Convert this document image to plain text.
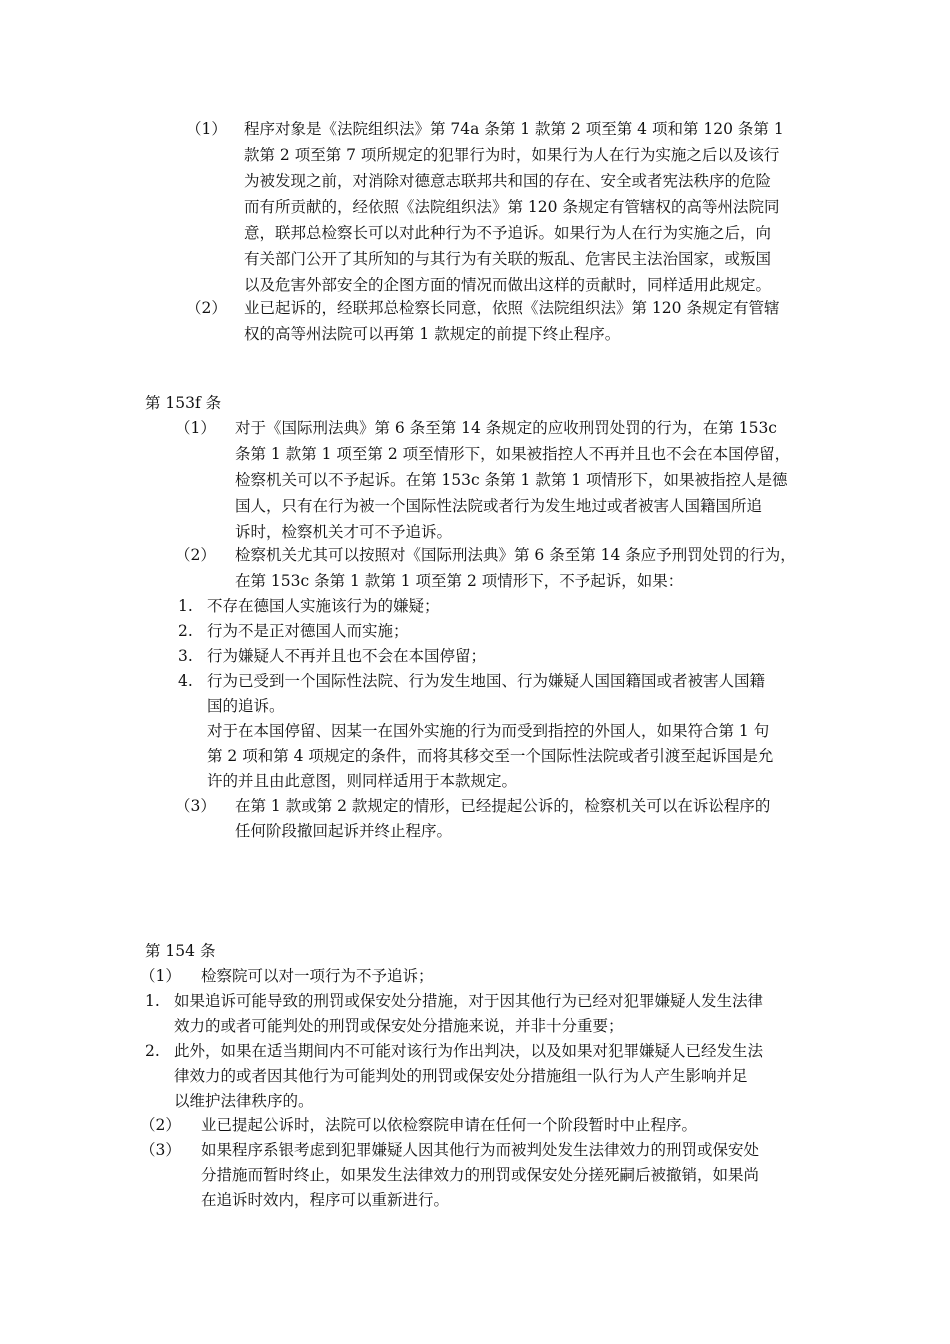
（1） 程序对象是《法院组织法》第 74a 条第 1 款第 2 项至第 4 项和第 120 条第 1
款第 2 项至第 7 项所规定的犯罪行为时，如果行为人在行为实施之后以及该行
为被发现之前，对消除对德意志联邦共和国的存在、安全或者宪法秩序的危险
而有所贡献的，经依照《法院组织法》第 120 条规定有管辖权的高等州法院同
意，联邦总检察长可以对此种行为不予追诉。如果行为人在行为实施之后，向
有关部门公开了其所知的与其行为有关联的叛乱、危害民主法治国家，或叛国
以及危害外部安全的企图方面的情况而做出这样的贡献时，同样适用此规定。
（2） 业已起诉的，经联邦总检察长同意，依照《法院组织法》第 120 条规定有管辖
权的高等州法院可以再第 1 款规定的前提下终止程序。
第 153f 条
（1） 对于《国际刑法典》第 6 条至第 14 条规定的应收刑罚处罚的行为，在第 153c
条第 1 款第 1 项至第 2 项至情形下，如果被指控人不再并且也不会在本国停留，
检察机关可以不予起诉。在第 153c 条第 1 款第 1 项情形下，如果被指控人是德
国人，只有在行为被一个国际性法院或者行为发生地过或者被害人国籍国所追
诉时，检察机关才可不予追诉。
（2） 检察机关尤其可以按照对《国际刑法典》第 6 条至第 14 条应予刑罚处罚的行为，
在第 153c 条第 1 款第 1 项至第 2 项情形下，不予起诉，如果：
1. 不存在德国人实施该行为的嫌疑；
2. 行为不是正对德国人而实施；
3. 行为嫌疑人不再并且也不会在本国停留；
4. 行为已受到一个国际性法院、行为发生地国、行为嫌疑人国国籍国或者被害人国籍
国的追诉。
对于在本国停留、因某一在国外实施的行为而受到指控的外国人，如果符合第 1 句
第 2 项和第 4 项规定的条件，而将其移交至一个国际性法院或者引渡至起诉国是允
许的并且由此意图，则同样适用于本款规定。
（3） 在第 1 款或第 2 款规定的情形，已经提起公诉的，检察机关可以在诉讼程序的
任何阶段撤回起诉并终止程序。
第 154 条
（1） 检察院可以对一项行为不予追诉；
1. 如果追诉可能导致的刑罚或保安处分措施，对于因其他行为已经对犯罪嫌疑人发生法律
效力的或者可能判处的刑罚或保安处分措施来说，并非十分重要；
2. 此外，如果在适当期间内不可能对该行为作出判决，以及如果对犯罪嫌疑人已经发生法
律效力的或者因其他行为可能判处的刑罚或保安处分措施组一队行为人产生影响并足
以维护法律秩序的。
（2） 业已提起公诉时，法院可以依检察院申请在任何一个阶段暂时中止程序。
（3） 如果程序系银考虑到犯罪嫌疑人因其他行为而被判处发生法律效力的刑罚或保安处
分措施而暂时终止，如果发生法律效力的刑罚或保安处分搓死嗣后被撤销，如果尚
在追诉时效内，程序可以重新进行。
